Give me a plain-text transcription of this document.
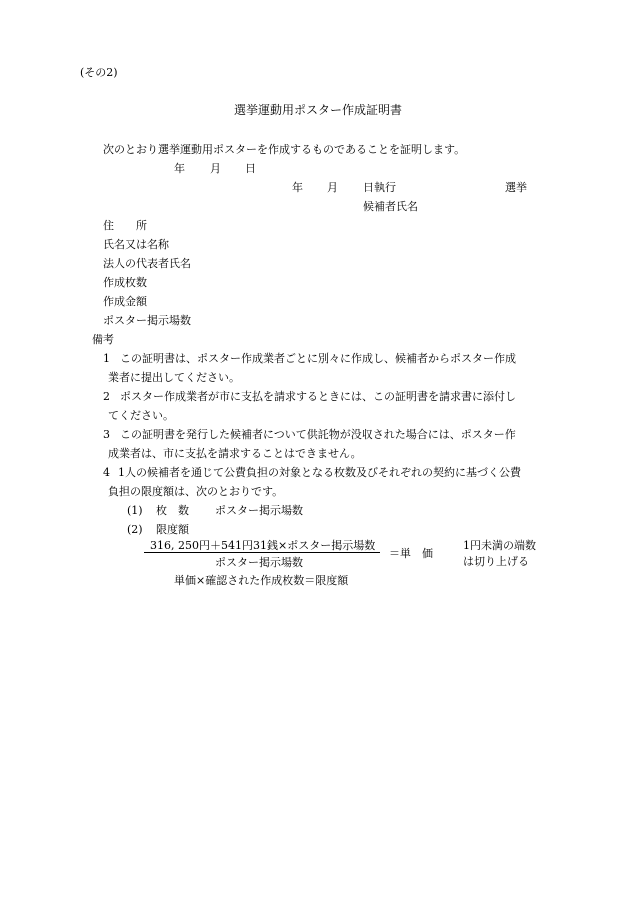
(その2)
選挙運動用ポスター作成証明書
次のとおり選挙運動用ポスターを作成するものであることを証明します。
年 月 日
年 月 日執行	選挙
候補者氏名
住　　所
氏名又は名称
法人の代表者氏名
作成枚数
作成金額
ポスター掲示場数
備考
1 この証明書は、ポスター作成業者ごとに別々に作成し、候補者からポスター作成
業者に提出してください。
2 ポスター作成業者が市に支払を請求するときには、この証明書を請求書に添付し
てください。
3 この証明書を発行した候補者について供託物が没収された場合には、ポスター作
成業者は、市に支払を請求することはできません。
4 1人の候補者を通じて公費負担の対象となる枚数及びそれぞれの契約に基づく公費
負担の限度額は、次のとおりです。
(1) 枚　数 ポスター掲示場数
(2) 限度額
316, 250円＋541円31銭×ポスター掲示場数
ポスター掲示場数
＝単　価
1円未満の端数
は切り上げる
単価×確認された作成枚数＝限度額
